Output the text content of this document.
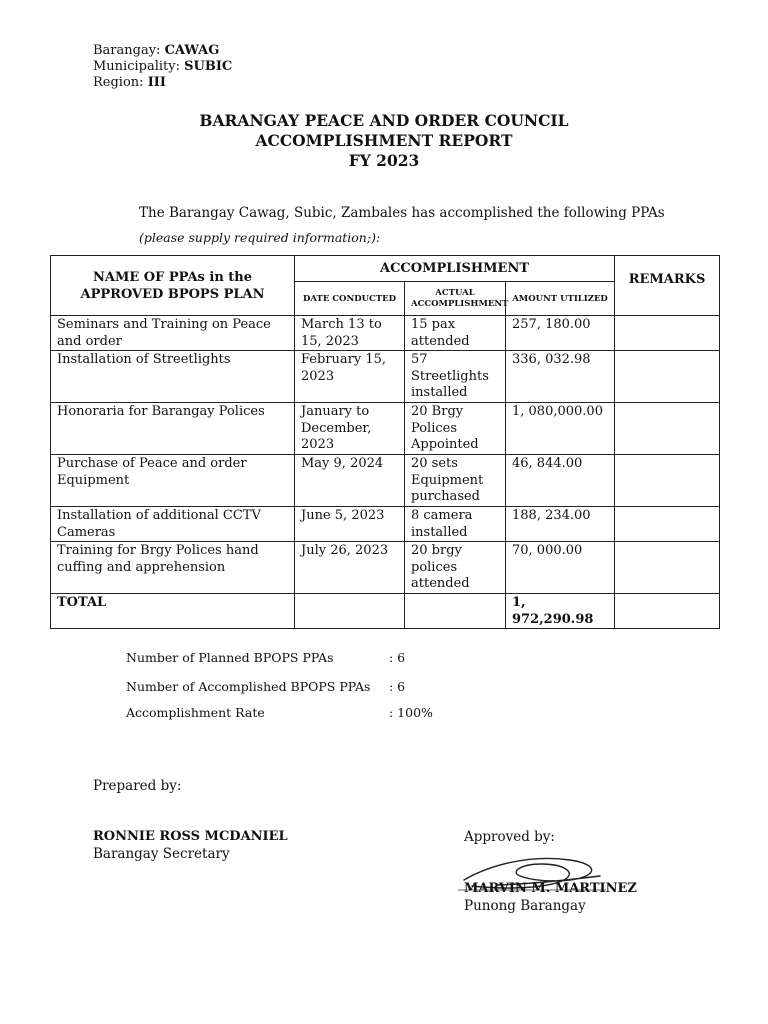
Barangay: CAWAG
Municipality: SUBIC
Region: III
BARANGAY PEACE AND ORDER COUNCIL
ACCOMPLISHMENT REPORT
FY 2023
The Barangay Cawag, Subic, Zambales has accomplished the following PPAs
(please supply required information;):
NAME OF PPAs in the APPROVED BPOPS PLAN	ACCOMPLISHMENT			REMARKS
	DATE CONDUCTED	ACTUAL ACCOMPLISHMENT	AMOUNT UTILIZED	
Seminars and Training on Peace and order	March 13 to 15, 2023	15 pax attended	257, 180.00	
Installation of Streetlights	February 15, 2023	57 Streetlights installed	336, 032.98	
Honoraria for Barangay Polices	January to December, 2023	20 Brgy Polices Appointed	1, 080,000.00	
Purchase of Peace and order Equipment	May 9, 2024	20 sets Equipment purchased	46, 844.00	
Installation of additional CCTV Cameras	June 5, 2023	8 camera installed	188, 234.00	
Training for Brgy Polices hand cuffing and apprehension	July 26, 2023	20 brgy polices attended	70, 000.00	
TOTAL			1, 972,290.98	
Number of Planned BPOPS PPAs	: 6
Number of Accomplished BPOPS PPAs : 6
Accomplishment Rate	: 100%
Prepared by:
RONNIE ROSS MCDANIEL
Barangay Secretary
Approved by:
MARVIN M. MARTINEZ
Punong Barangay
